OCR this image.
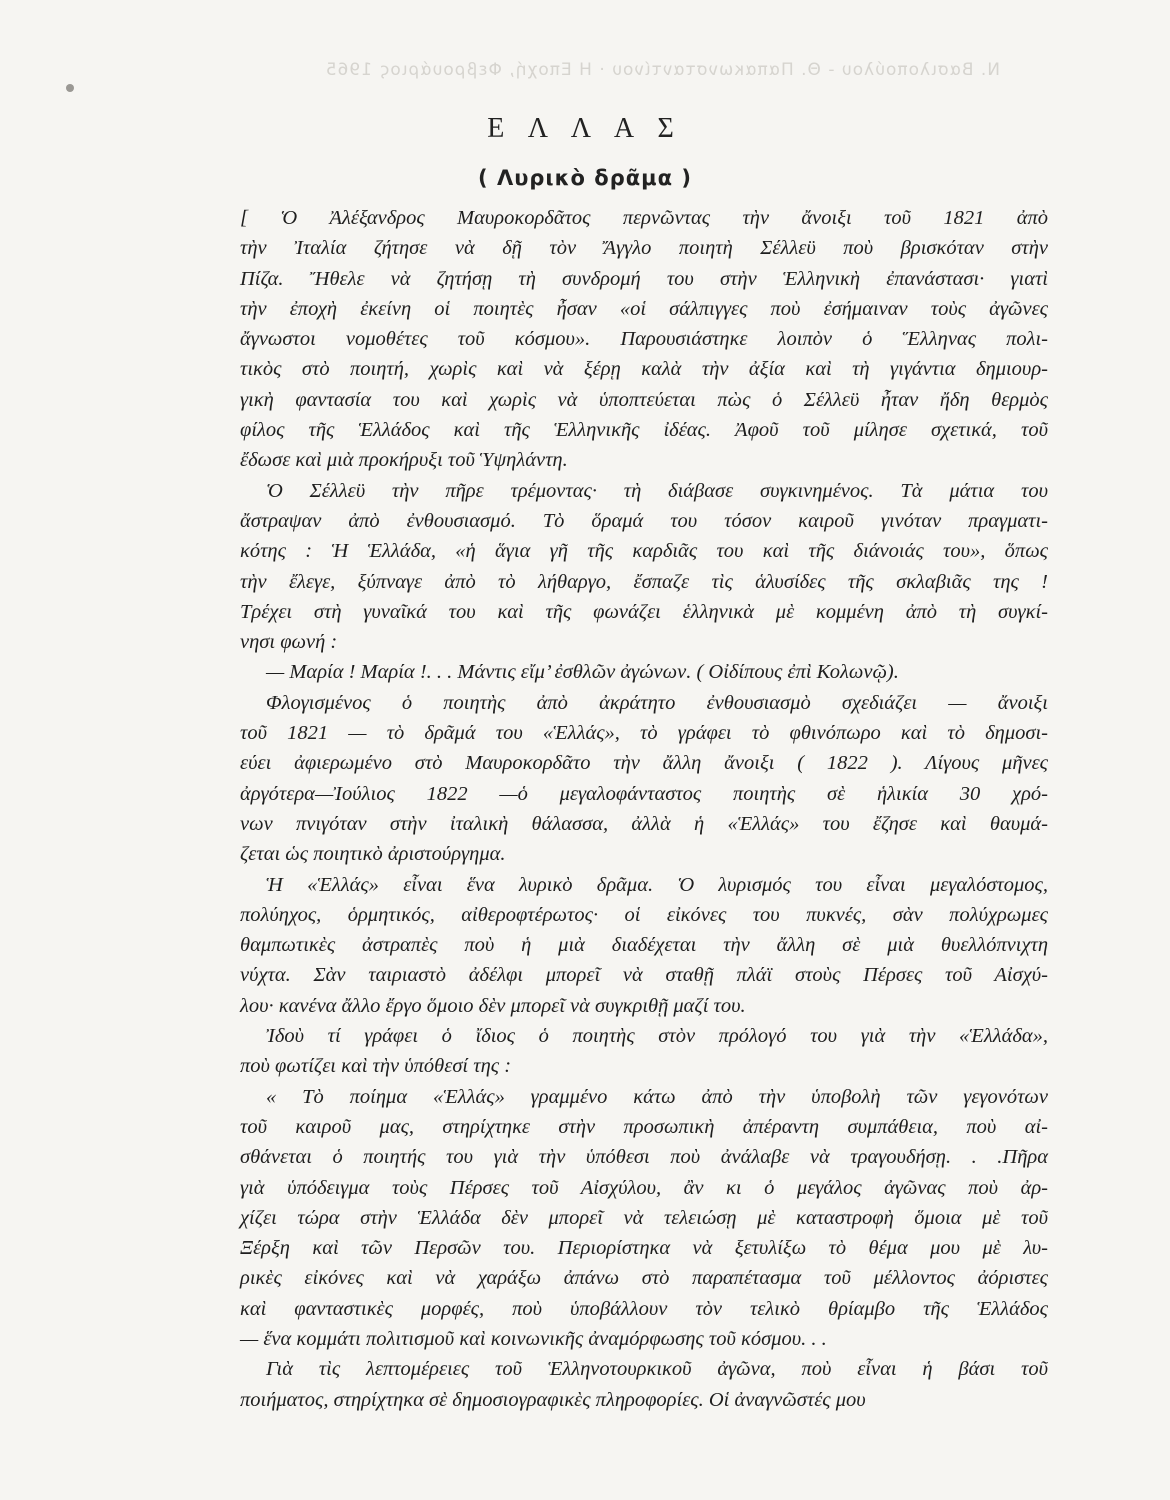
Ν. Βασιλοπούλου - Θ. Παπακωνσταντίνου · Η Εποχή, Φεβρουάριος 1965
Ε Λ Λ Α Σ
( Λυρικὸ δρᾶμα )

[ Ὁ Ἀλέξανδρος Μαυροκορδᾶτος περνῶντας τὴν ἄνοιξι τοῦ 1821 ἀπὸ

τὴν Ἰταλία ζήτησε νὰ δῇ τὸν Ἄγγλο ποιητὴ Σέλλεϋ ποὺ βρισκόταν στὴν

Πίζα. Ἤθελε νὰ ζητήσῃ τὴ συνδρομή του στὴν Ἑλληνικὴ ἐπανάστασι· γιατὶ

τὴν ἐποχὴ ἐκείνη οἱ ποιητὲς ἦσαν «οἱ σάλπιγγες ποὺ ἐσήμαιναν τοὺς ἀγῶνες

ἄγνωστοι νομοθέτες τοῦ κόσμου». Παρουσιάστηκε λοιπὸν ὁ Ἕλληνας πολι-

τικὸς στὸ ποιητή, χωρὶς καὶ νὰ ξέρῃ καλὰ τὴν ἀξία καὶ τὴ γιγάντια δημιουρ-

γικὴ φαντασία του καὶ χωρὶς νὰ ὑποπτεύεται πὼς ὁ Σέλλεϋ ἦταν ἤδη θερμὸς

φίλος τῆς Ἑλλάδος καὶ τῆς Ἑλληνικῆς ἰδέας. Ἀφοῦ τοῦ μίλησε σχετικά, τοῦ

ἔδωσε καὶ μιὰ προκήρυξι τοῦ Ὑψηλάντη.

Ὁ Σέλλεϋ τὴν πῆρε τρέμοντας· τὴ διάβασε συγκινημένος. Τὰ μάτια του

ἄστραψαν ἀπὸ ἐνθουσιασμό. Τὸ ὅραμά του τόσον καιροῦ γινόταν πραγματι-

κότης : Ἡ Ἑλλάδα, «ἡ ἅγια γῆ τῆς καρδιᾶς του καὶ τῆς διάνοιάς του», ὅπως

τὴν ἔλεγε, ξύπναγε ἀπὸ τὸ λήθαργο, ἔσπαζε τὶς ἁλυσίδες τῆς σκλαβιᾶς της !

Τρέχει στὴ γυναῖκά του καὶ τῆς φωνάζει ἑλληνικὰ μὲ κομμένη ἀπὸ τὴ συγκί-

νησι φωνή :

— Μαρία ! Μαρία !. . . Μάντις εἴμ’ ἐσθλῶν ἀγώνων. ( Οἰδίπους ἐπὶ Κολωνῷ).

Φλογισμένος ὁ ποιητὴς ἀπὸ ἀκράτητο ἐνθουσιασμὸ σχεδιάζει — ἄνοιξι

τοῦ 1821 — τὸ δρᾶμά του «Ἑλλάς», τὸ γράφει τὸ φθινόπωρο καὶ τὸ δημοσι-

εύει ἀφιερωμένο στὸ Μαυροκορδᾶτο τὴν ἄλλη ἄνοιξι ( 1822 ). Λίγους μῆνες

ἀργότερα—Ἰούλιος 1822 —ὁ μεγαλοφάνταστος ποιητὴς σὲ ἡλικία 30 χρό-

νων πνιγόταν στὴν ἰταλικὴ θάλασσα, ἀλλὰ ἡ «Ἑλλάς» του ἔζησε καὶ θαυμά-

ζεται ὡς ποιητικὸ ἀριστούργημα.

Ἡ «Ἑλλάς» εἶναι ἕνα λυρικὸ δρᾶμα. Ὁ λυρισμός του εἶναι μεγαλόστομος,

πολύηχος, ὁρμητικός, αἰθεροφτέρωτος· οἱ εἰκόνες του πυκνές, σὰν πολύχρωμες

θαμπωτικὲς ἀστραπὲς ποὺ ἡ μιὰ διαδέχεται τὴν ἄλλη σὲ μιὰ θυελλόπνιχτη

νύχτα. Σὰν ταιριαστὸ ἀδέλφι μπορεῖ νὰ σταθῇ πλάϊ στοὺς Πέρσες τοῦ Αἰσχύ-

λου· κανένα ἄλλο ἔργο ὅμοιο δὲν μπορεῖ νὰ συγκριθῇ μαζί του.

Ἰδοὺ τί γράφει ὁ ἴδιος ὁ ποιητὴς στὸν πρόλογό του γιὰ τὴν «Ἑλλάδα»,

ποὺ φωτίζει καὶ τὴν ὑπόθεσί της :

« Τὸ ποίημα «Ἑλλάς» γραμμένο κάτω ἀπὸ τὴν ὑποβολὴ τῶν γεγονότων

τοῦ καιροῦ μας, στηρίχτηκε στὴν προσωπικὴ ἀπέραντη συμπάθεια, ποὺ αἰ-

σθάνεται ὁ ποιητής του γιὰ τὴν ὑπόθεσι ποὺ ἀνάλαβε νὰ τραγουδήσῃ. . .Πῆρα

γιὰ ὑπόδειγμα τοὺς Πέρσες τοῦ Αἰσχύλου, ἂν κι ὁ μεγάλος ἀγῶνας ποὺ ἀρ-

χίζει τώρα στὴν Ἑλλάδα δὲν μπορεῖ νὰ τελειώσῃ μὲ καταστροφὴ ὅμοια μὲ τοῦ

Ξέρξη καὶ τῶν Περσῶν του. Περιορίστηκα νὰ ξετυλίξω τὸ θέμα μου μὲ λυ-

ρικὲς εἰκόνες καὶ νὰ χαράξω ἀπάνω στὸ παραπέτασμα τοῦ μέλλοντος ἀόριστες

καὶ φανταστικὲς μορφές, ποὺ ὑποβάλλουν τὸν τελικὸ θρίαμβο τῆς Ἑλλάδος

— ἕνα κομμάτι πολιτισμοῦ καὶ κοινωνικῆς ἀναμόρφωσης τοῦ κόσμου. . .

Γιὰ τὶς λεπτομέρειες τοῦ Ἑλληνοτουρκικοῦ ἀγῶνα, ποὺ εἶναι ἡ βάσι τοῦ

ποιήματος, στηρίχτηκα σὲ δημοσιογραφικὲς πληροφορίες. Οἱ ἀναγνῶστές μου
